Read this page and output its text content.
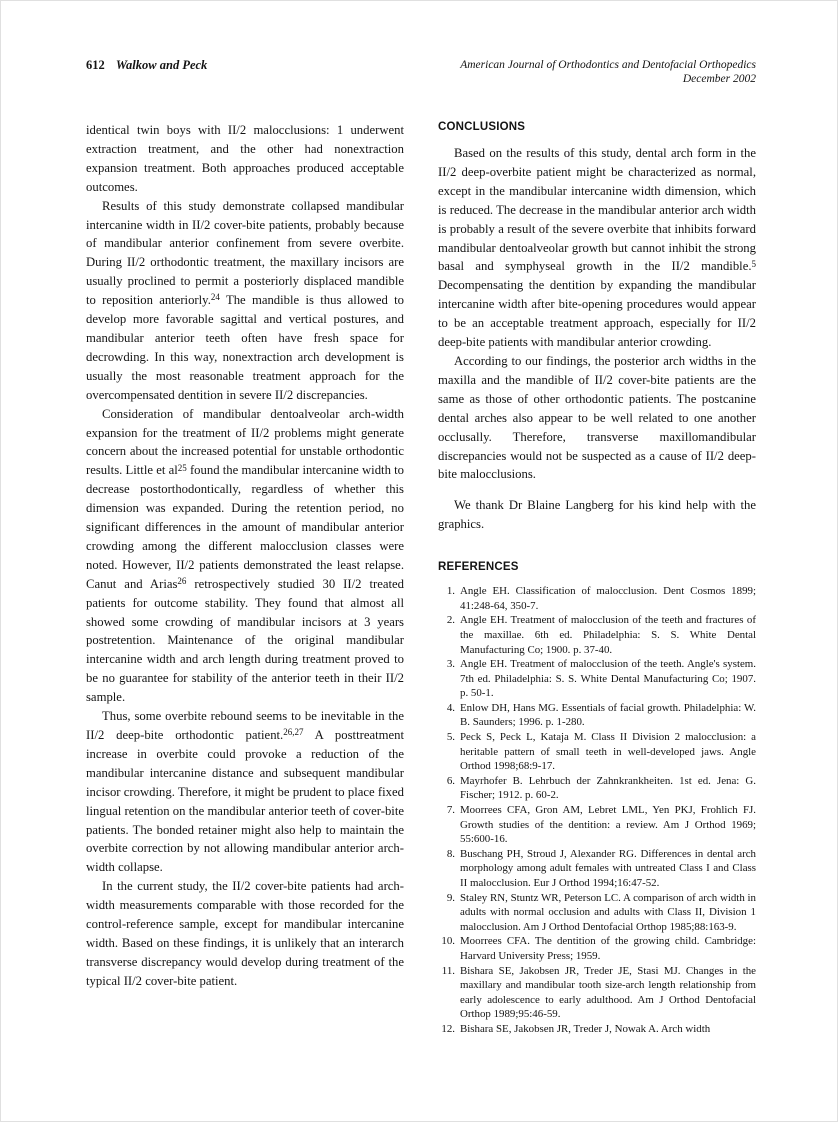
612 Walkow and Peck	American Journal of Orthodontics and Dentofacial Orthopedics
December 2002

identical twin boys with II/2 malocclusions: 1 underwent extraction treatment, and the other had nonextraction expansion treatment. Both approaches produced acceptable outcomes.

Results of this study demonstrate collapsed mandibular intercanine width in II/2 cover-bite patients, probably because of mandibular anterior confinement from severe overbite. During II/2 orthodontic treatment, the maxillary incisors are usually proclined to permit a posteriorly displaced mandible to reposition anteriorly.$^{24}$ The mandible is thus allowed to develop more favorable sagittal and vertical postures, and mandibular anterior teeth often have fresh space for decrowding. In this way, nonextraction arch development is usually the most reasonable treatment approach for the overcompensated dentition in severe II/2 discrepancies.

Consideration of mandibular dentoalveolar arch-width expansion for the treatment of II/2 problems might generate concern about the increased potential for unstable orthodontic results. Little et $al^{25}$ found the mandibular intercanine width to decrease postorthodontically, regardless of whether this dimension was expanded. During the retention period, no significant differences in the amount of mandibular anterior crowding among the different malocclusion classes were noted. However, II/2 patients demonstrated the least relapse. Canut and Arias$^{26}$ retrospectively studied 30 II/2 treated patients for outcome stability. They found that almost all showed some crowding of mandibular incisors at 3 years postretention. Maintenance of the original mandibular intercanine width and arch length during treatment proved to be no guarantee for stability of the anterior teeth in their II/2 sample.

Thus, some overbite rebound seems to be inevitable in the II/2 deep-bite orthodontic patient.$^{26,27}$ A posttreatment increase in overbite could provoke a reduction of the mandibular intercanine distance and subsequent mandibular incisor crowding. Therefore, it might be prudent to place fixed lingual retention on the mandibular anterior teeth of cover-bite patients. The bonded retainer might also help to maintain the overbite correction by not allowing mandibular anterior arch-width collapse.

In the current study, the II/2 cover-bite patients had arch-width measurements comparable with those recorded for the control-reference sample, except for mandibular intercanine width. Based on these findings, it is unlikely that an interarch transverse discrepancy would develop during treatment of the typical II/2 cover-bite patient.

CONCLUSIONS

Based on the results of this study, dental arch form in the II/2 deep-overbite patient might be characterized as normal, except in the mandibular intercanine width dimension, which is reduced. The decrease in the mandibular anterior arch width is probably a result of the severe overbite that inhibits forward mandibular dentoalveolar growth but cannot inhibit the strong basal and symphyseal growth in the II/2 mandible.$^5$ Decompensating the dentition by expanding the mandibular intercanine width after bite-opening procedures would appear to be an acceptable treatment approach, especially for II/2 deep-bite patients with mandibular anterior crowding.

According to our findings, the posterior arch widths in the maxilla and the mandible of II/2 cover-bite patients are the same as those of other orthodontic patients. The postcanine dental arches also appear to be well related to one another occlusally. Therefore, transverse maxillomandibular discrepancies would not be suspected as a cause of II/2 deep-bite malocclusions.

We thank Dr Blaine Langberg for his kind help with the graphics.

REFERENCES
1. Angle EH. Classification of malocclusion. Dent Cosmos 1899; 41:248-64, 350-7.
2. Angle EH. Treatment of malocclusion of the teeth and fractures of the maxillae. 6th ed. Philadelphia: S. S. White Dental Manufacturing Co; 1900. p. 37-40.
3. Angle EH. Treatment of malocclusion of the teeth. Angle's system. 7th ed. Philadelphia: S. S. White Dental Manufacturing Co; 1907. p. 50-1.
4. Enlow DH, Hans MG. Essentials of facial growth. Philadelphia: W. B. Saunders; 1996. p. 1-280.
5. Peck S, Peck L, Kataja M. Class II Division 2 malocclusion: a heritable pattern of small teeth in well-developed jaws. Angle Orthod 1998;68:9-17.
6. Mayrhofer B. Lehrbuch der Zahnkrankheiten. 1st ed. Jena: G. Fischer; 1912. p. 60-2.
7. Moorrees CFA, Gron AM, Lebret LML, Yen PKJ, Frohlich FJ. Growth studies of the dentition: a review. Am J Orthod 1969; 55:600-16.
8. Buschang PH, Stroud J, Alexander RG. Differences in dental arch morphology among adult females with untreated Class I and Class II malocclusion. Eur J Orthod 1994;16:47-52.
9. Staley RN, Stuntz WR, Peterson LC. A comparison of arch width in adults with normal occlusion and adults with Class II, Division 1 malocclusion. Am J Orthod Dentofacial Orthop 1985;88:163-9.
10. Moorrees CFA. The dentition of the growing child. Cambridge: Harvard University Press; 1959.
11. Bishara SE, Jakobsen JR, Treder JE, Stasi MJ. Changes in the maxillary and mandibular tooth size-arch length relationship from early adolescence to early adulthood. Am J Orthod Dentofacial Orthop 1989;95:46-59.
12. Bishara SE, Jakobsen JR, Treder J, Nowak A. Arch width
